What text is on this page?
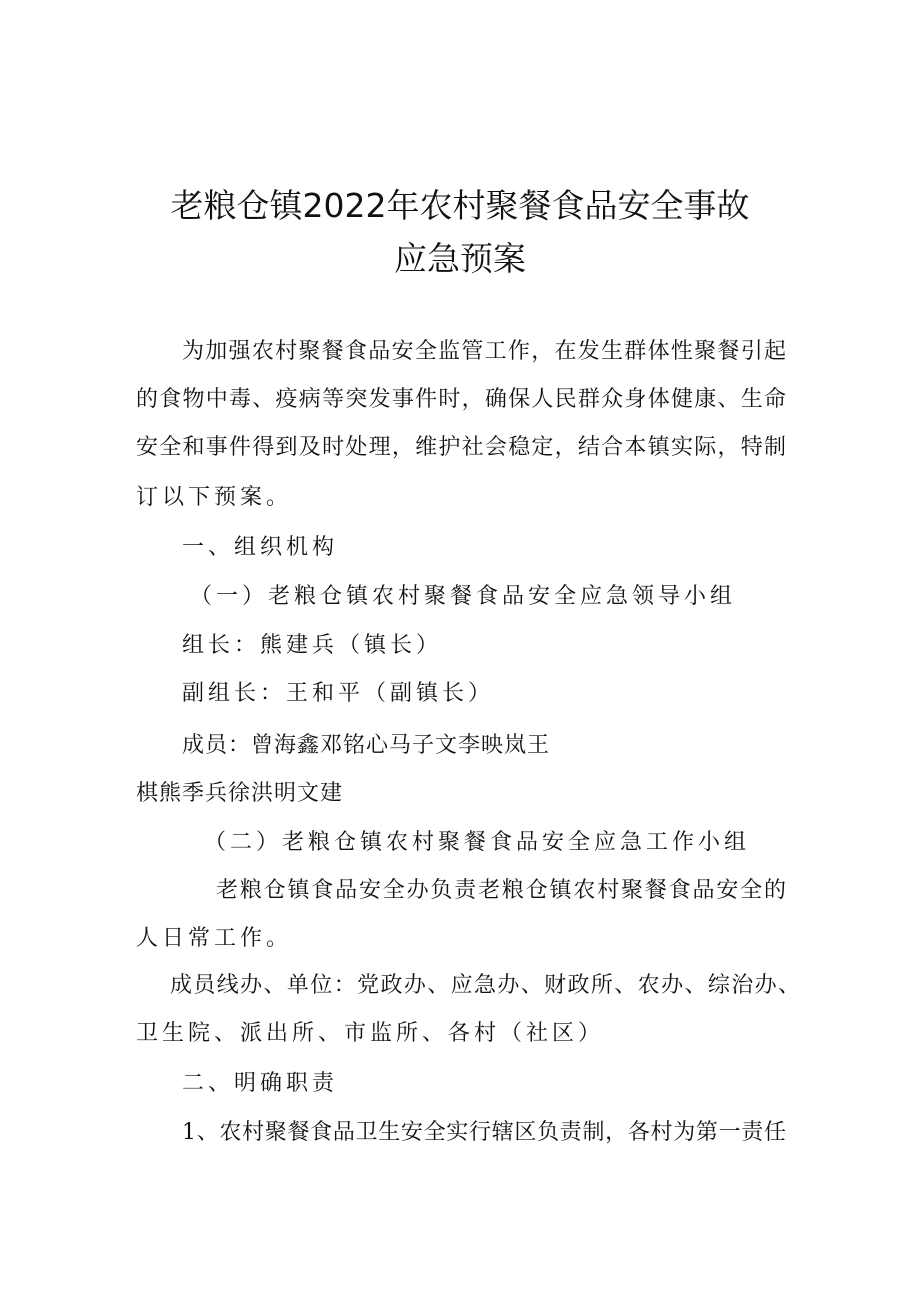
老粮仓镇2022年农村聚餐食品安全事故
应急预案
为加强农村聚餐食品安全监管工作，在发生群体性聚餐引起
的食物中毒、疫病等突发事件时，确保人民群众身体健康、生命
安全和事件得到及时处理，维护社会稳定，结合本镇实际，特制
订以下预案。
一、组织机构
（一）老粮仓镇农村聚餐食品安全应急领导小组
组长：熊建兵（镇长）
副组长：王和平（副镇长）
成员：曾海鑫邓铭心马子文李映岚王
棋熊季兵徐洪明文建
（二）老粮仓镇农村聚餐食品安全应急工作小组
老粮仓镇食品安全办负责老粮仓镇农村聚餐食品安全的
人日常工作。
成员线办、单位：党政办、应急办、财政所、农办、综治办、
卫生院、派出所、市监所、各村（社区）
二、明确职责
1、农村聚餐食品卫生安全实行辖区负责制，各村为第一责任
